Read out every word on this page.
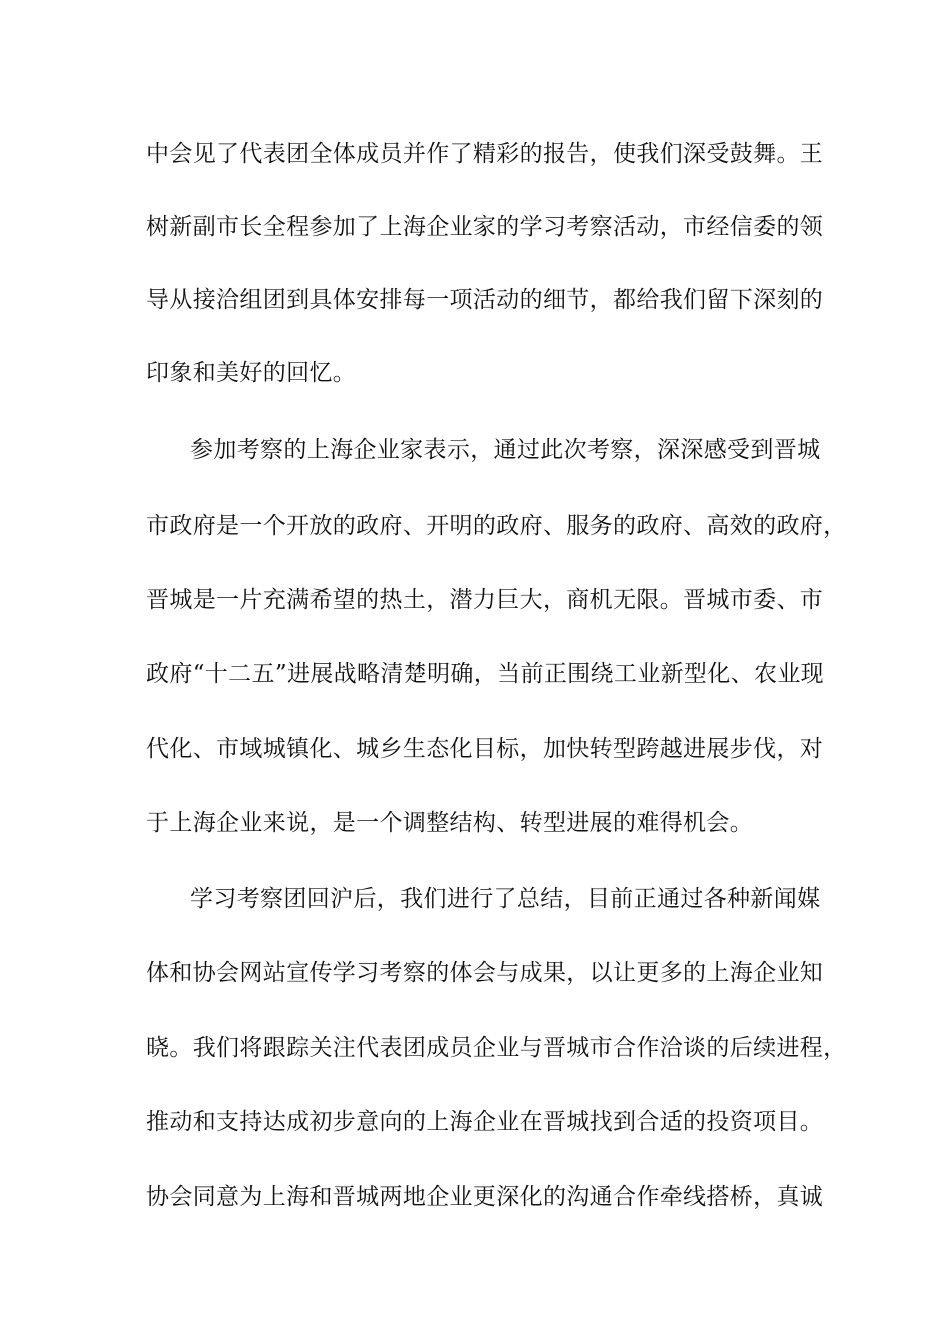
中会见了代表团全体成员并作了精彩的报告，使我们深受鼓舞。王
树新副市长全程参加了上海企业家的学习考察活动，市经信委的领
导从接洽组团到具体安排每一项活动的细节，都给我们留下深刻的
印象和美好的回忆。
参加考察的上海企业家表示，通过此次考察，深深感受到晋城
市政府是一个开放的政府、开明的政府、服务的政府、高效的政府，
晋城是一片充满希望的热土，潜力巨大，商机无限。晋城市委、市
政府“十二五”进展战略清楚明确，当前正围绕工业新型化、农业现
代化、市域城镇化、城乡生态化目标，加快转型跨越进展步伐，对
于上海企业来说，是一个调整结构、转型进展的难得机会。
学习考察团回沪后，我们进行了总结，目前正通过各种新闻媒
体和协会网站宣传学习考察的体会与成果，以让更多的上海企业知
晓。我们将跟踪关注代表团成员企业与晋城市合作洽谈的后续进程，
推动和支持达成初步意向的上海企业在晋城找到合适的投资项目。
协会同意为上海和晋城两地企业更深化的沟通合作牵线搭桥，真诚
